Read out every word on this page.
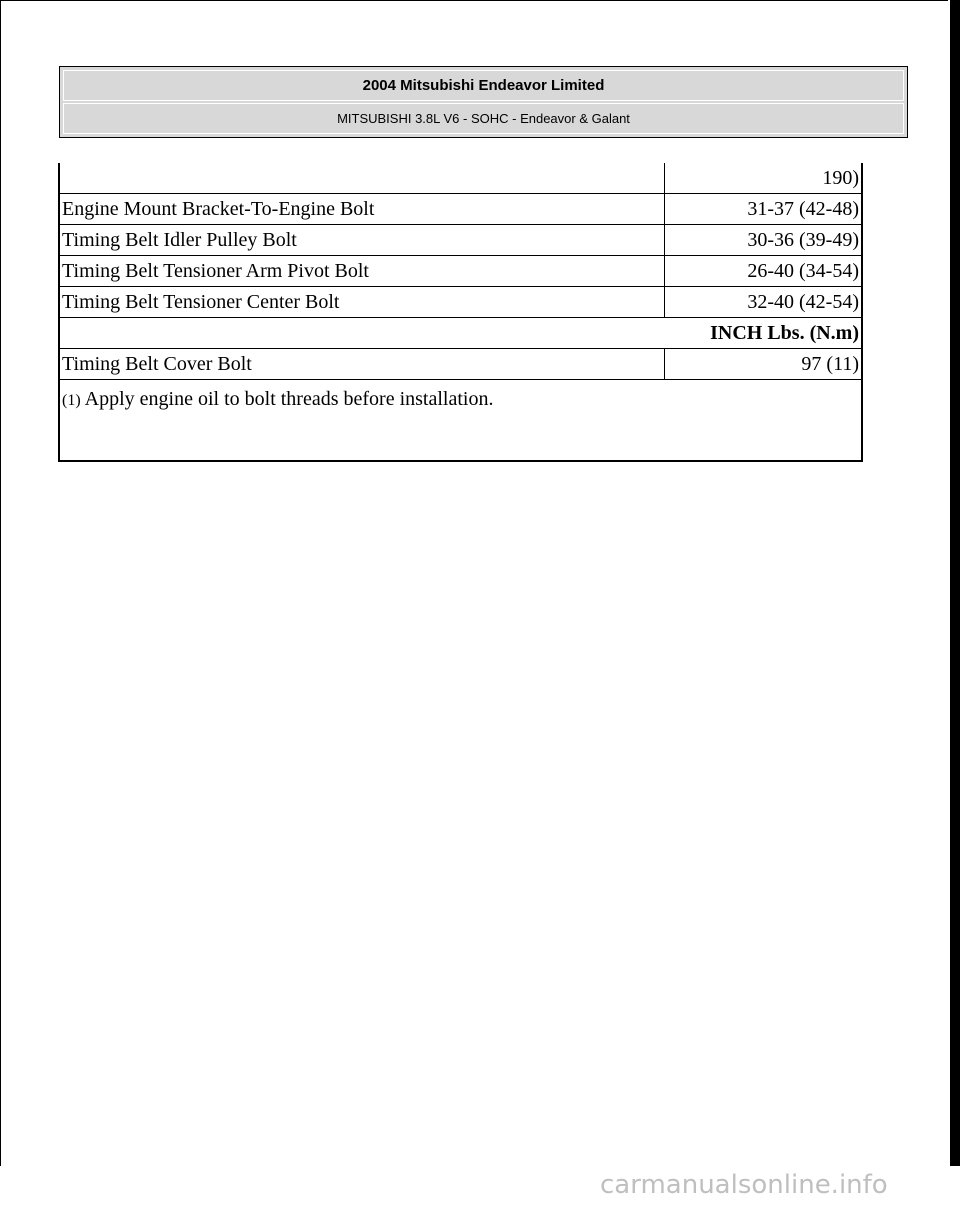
2004 Mitsubishi Endeavor Limited
MITSUBISHI 3.8L V6 - SOHC - Endeavor & Galant
	190)
Engine Mount Bracket-To-Engine Bolt	31-37 (42-48)
Timing Belt Idler Pulley Bolt	30-36 (39-49)
Timing Belt Tensioner Arm Pivot Bolt	26-40 (34-54)
Timing Belt Tensioner Center Bolt	32-40 (42-54)
INCH Lbs. (N.m)	
Timing Belt Cover Bolt	97 (11)
(1) Apply engine oil to bolt threads before installation.	
carmanualsonline.info
